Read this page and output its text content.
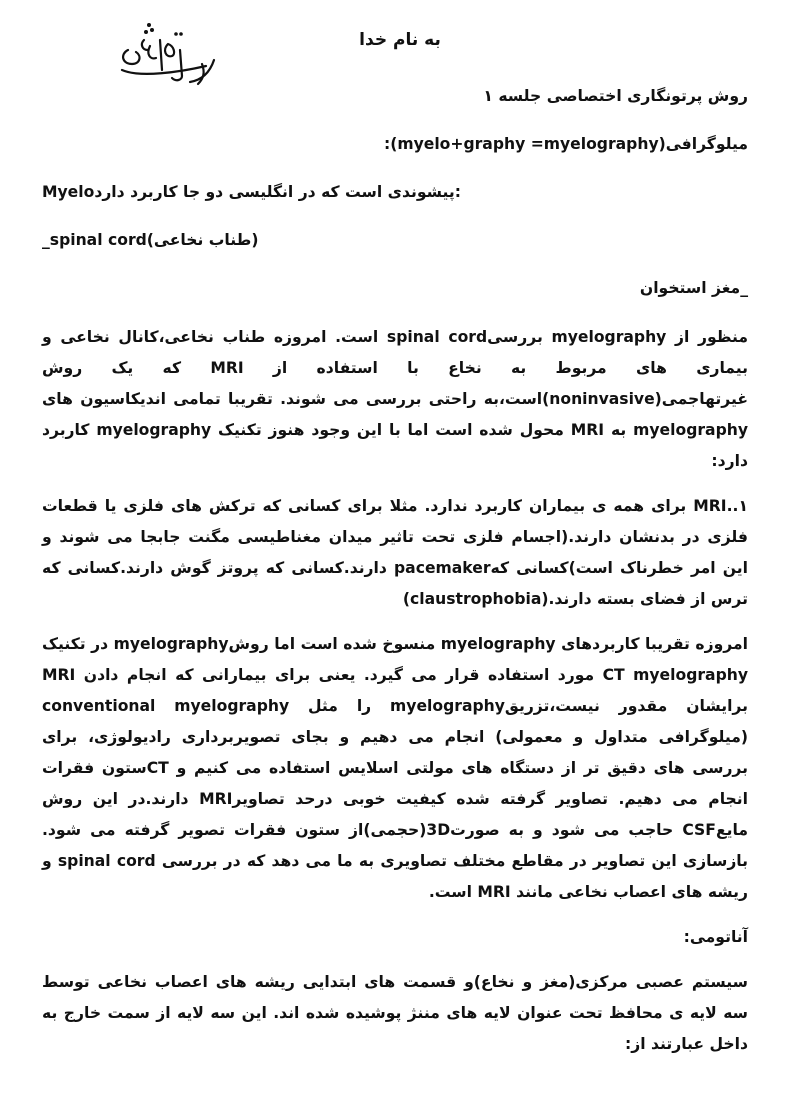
به نام خدا
روش پرتونگاری اختصاصی جلسه ۱
میلوگرافی(myelo+graphy =myelography):
Myeloپیشوندی است که در انگلیسی دو جا کاربرد دارد:
_spinal cord(طناب نخاعی)
_مغز استخوان
منظور از myelography بررسیspinal cord است. امروزه طناب نخاعی،کانال نخاعی و بیماری های مربوط به نخاع با استفاده از MRI که یک روش غیرتهاجمی(noninvasive)است،به راحتی بررسی می شوند. تقریبا تمامی اندیکاسیون های myelography به MRI محول شده است اما با این وجود هنوز تکنیک myelography کاربرد دارد:
۱..MRI برای همه ی بیماران کاربرد ندارد. مثلا برای کسانی که ترکش های فلزی یا قطعات فلزی در بدنشان دارند.(اجسام فلزی تحت تاثیر میدان مغناطیسی مگنت جابجا می شوند و این امر خطرناک است)کسانی کهpacemaker دارند.کسانی که پروتز گوش دارند.کسانی که ترس از فضای بسته دارند.(claustrophobia)
امروزه تقریبا کاربردهای myelography منسوخ شده است اما روشmyelography در تکنیک CT myelography مورد استفاده قرار می گیرد. یعنی برای بیمارانی که انجام دادن MRI برایشان مقدور نیست،تزریقmyelography را مثل conventional myelography (میلوگرافی متداول و معمولی) انجام می دهیم و بجای تصویربرداری رادیولوژی، برای بررسی های دقیق تر از دستگاه های مولتی اسلایس استفاده می کنیم و CTستون فقرات انجام می دهیم. تصاویر گرفته شده کیفیت خوبی درحد تصاویرMRI دارند.در این روش مایعCSF حاجب می شود و به صورت3D(حجمی)از ستون فقرات تصویر گرفته می شود. بازسازی این تصاویر در مقاطع مختلف تصاویری به ما می دهد که در بررسی spinal cord و ریشه های اعصاب نخاعی مانند MRI است.
آناتومی:
سیستم عصبی مرکزی(مغز و نخاع)و قسمت های ابتدایی ریشه های اعصاب نخاعی توسط سه لایه ی محافظ تحت عنوان لایه های مننژ پوشیده شده اند. این سه لایه از سمت خارج به داخل عبارتند از:
